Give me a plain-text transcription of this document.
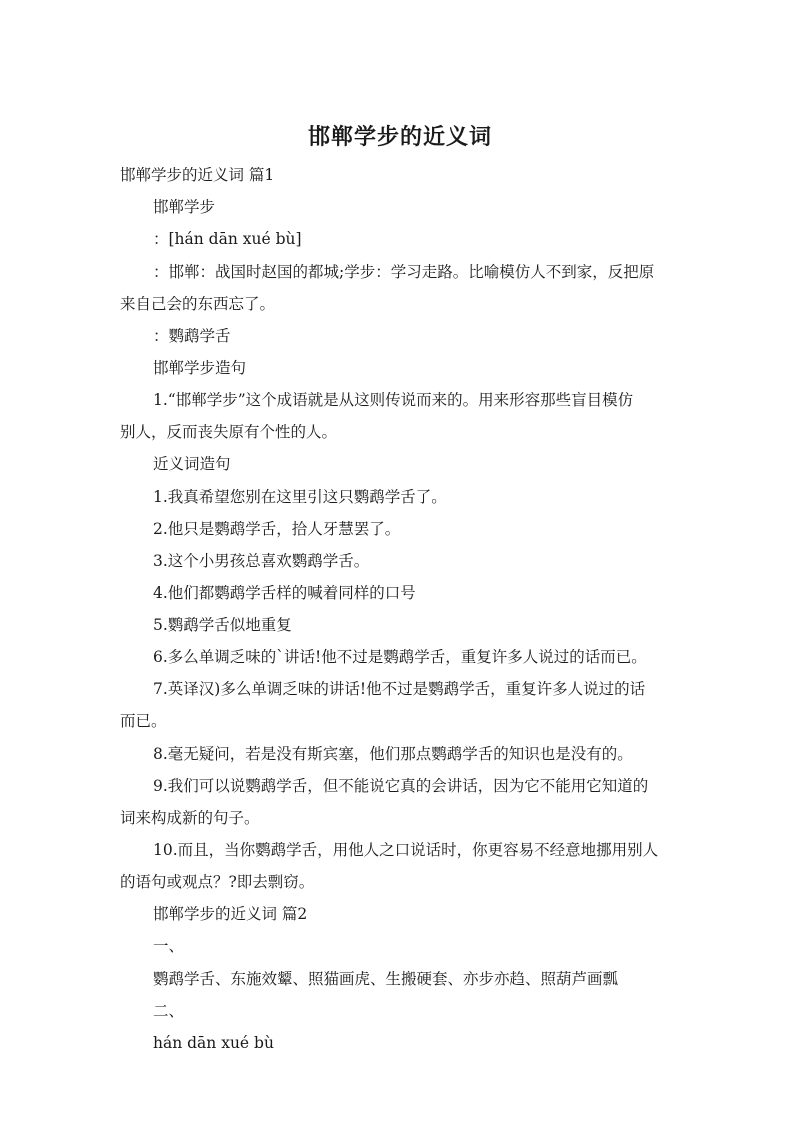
邯郸学步的近义词
邯郸学步的近义词 篇1
邯郸学步
：[hán dān xué bù]
：邯郸：战国时赵国的都城;学步：学习走路。比喻模仿人不到家，反把原
来自己会的东西忘了。
：鹦鹉学舌
邯郸学步造句
1.“邯郸学步”这个成语就是从这则传说而来的。用来形容那些盲目模仿
别人，反而丧失原有个性的人。
近义词造句
1.我真希望您别在这里引这只鹦鹉学舌了。
2.他只是鹦鹉学舌，拾人牙慧罢了。
3.这个小男孩总喜欢鹦鹉学舌。
4.他们都鹦鹉学舌样的喊着同样的口号
5.鹦鹉学舌似地重复
6.多么单调乏味的`讲话!他不过是鹦鹉学舌，重复许多人说过的话而已。
7.英译汉)多么单调乏味的讲话!他不过是鹦鹉学舌，重复许多人说过的话
而已。
8.毫无疑问，若是没有斯宾塞，他们那点鹦鹉学舌的知识也是没有的。
9.我们可以说鹦鹉学舌，但不能说它真的会讲话，因为它不能用它知道的
词来构成新的句子。
10.而且，当你鹦鹉学舌，用他人之口说话时，你更容易不经意地挪用别人
的语句或观点？?即去剽窃。
邯郸学步的近义词 篇2
一、
鹦鹉学舌、东施效颦、照猫画虎、生搬硬套、亦步亦趋、照葫芦画瓢
二、
hán dān xué bù
